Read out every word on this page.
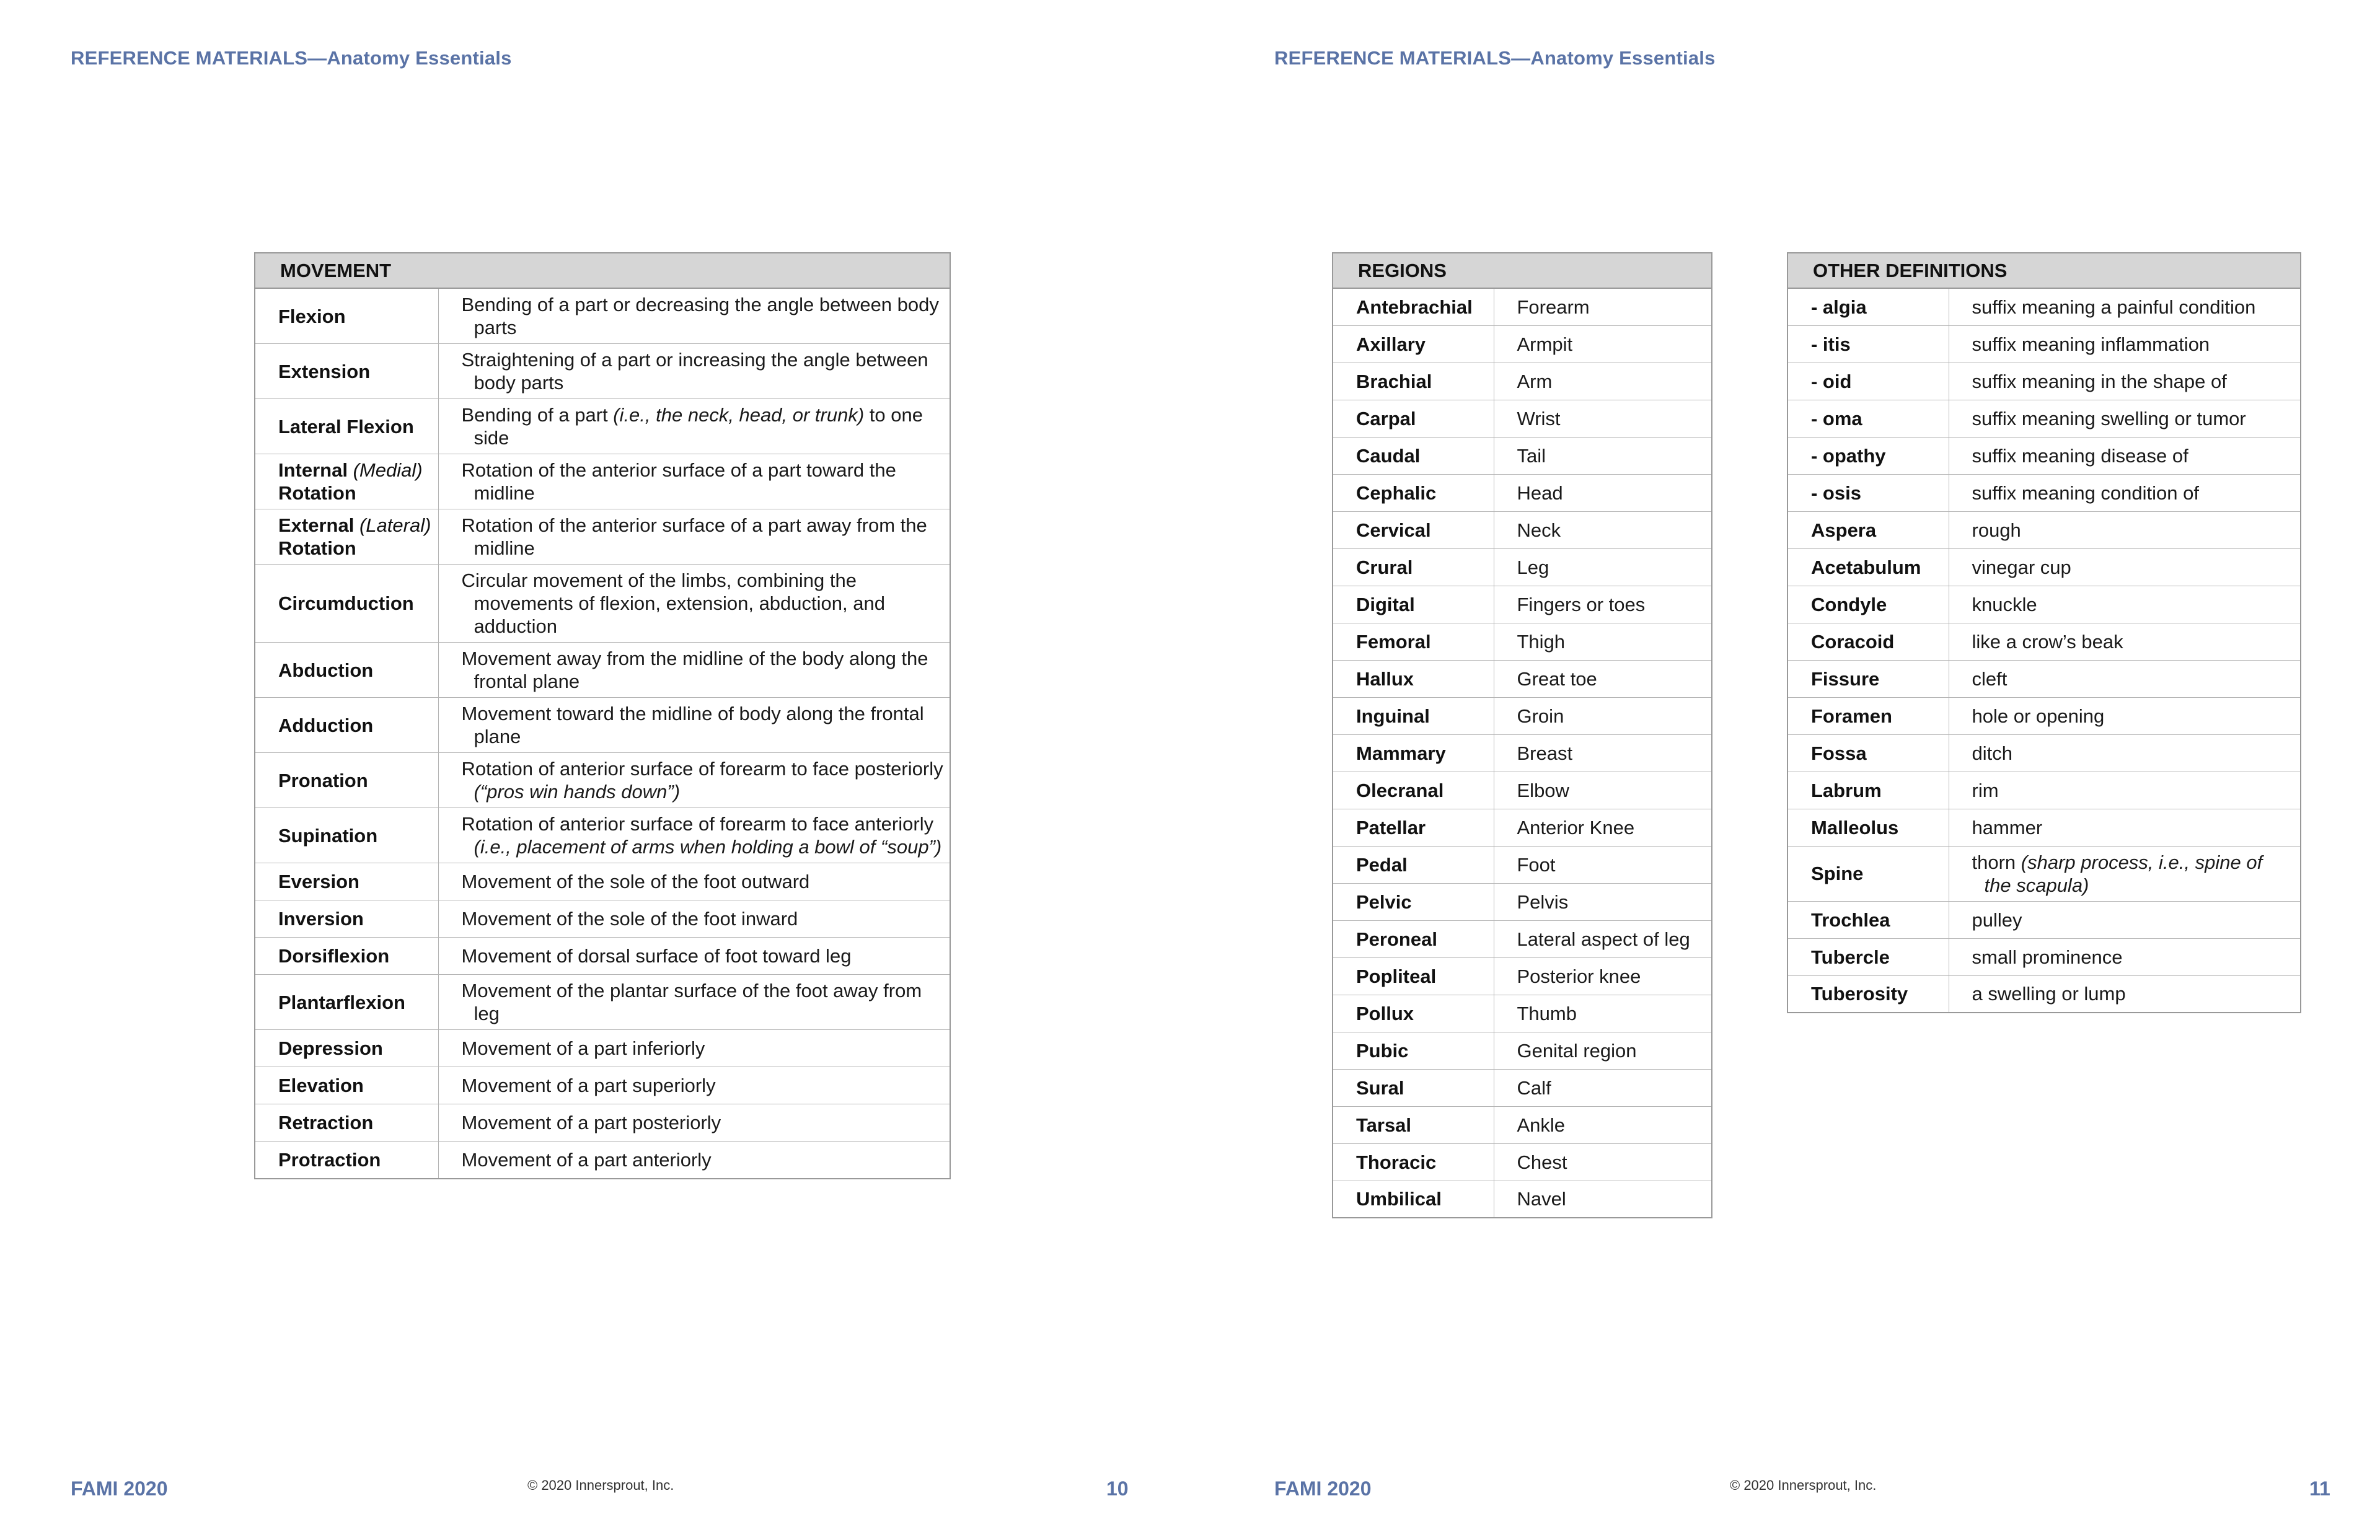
REFERENCE MATERIALS—Anatomy Essentials
MOVEMENT	
Flexion	Bending of a part or decreasing the angle between body parts

Extension	Straightening of a part or increasing the angle between body parts

Lateral Flexion	Bending of a part (i.e., the neck, head, or trunk) to one side

Internal (Medial)
Rotation	Rotation of the anterior surface of a part toward the midline

External (Lateral)
Rotation	Rotation of the anterior surface of a part away from the midline

Circumduction	Circular movement of the limbs, combining the movements of flexion, extension, abduction, and adduction

Abduction	Movement away from the midline of the body along the frontal plane

Adduction	Movement toward the midline of body along the frontal plane

Pronation	Rotation of anterior surface of forearm to face posteriorly (“pros win hands down”)

Supination	Rotation of anterior surface of forearm to face anteriorly (i.e., placement of arms when holding a bowl of “soup”)

Eversion	Movement of the sole of the foot outward

Inversion	Movement of the sole of the foot inward

Dorsiflexion	Movement of dorsal surface of foot toward leg

Plantarflexion	Movement of the plantar surface of the foot away from leg

Depression	Movement of a part inferiorly

Elevation	Movement of a part superiorly

Retraction	Movement of a part posteriorly

Protraction	Movement of a part anteriorly
FAMI 2020	© 2020 Innersprout, Inc.	10
REFERENCE MATERIALS—Anatomy Essentials
REGIONS	
Antebrachial	Forearm

Axillary	Armpit

Brachial	Arm

Carpal	Wrist

Caudal	Tail

Cephalic	Head

Cervical	Neck

Crural	Leg

Digital	Fingers or toes

Femoral	Thigh

Hallux	Great toe

Inguinal	Groin

Mammary	Breast

Olecranal	Elbow

Patellar	Anterior Knee

Pedal	Foot

Pelvic	Pelvis

Peroneal	Lateral aspect of leg

Popliteal	Posterior knee

Pollux	Thumb

Pubic	Genital region

Sural	Calf

Tarsal	Ankle

Thoracic	Chest

Umbilical	Navel
OTHER DEFINITIONS	
- algia	suffix meaning a painful condition

- itis	suffix meaning inflammation

- oid	suffix meaning in the shape of

- oma	suffix meaning swelling or tumor

- opathy	suffix meaning disease of

- osis	suffix meaning condition of

Aspera	rough

Acetabulum	vinegar cup

Condyle	knuckle

Coracoid	like a crow’s beak

Fissure	cleft

Foramen	hole or opening

Fossa	ditch

Labrum	rim

Malleolus	hammer

Spine	thorn (sharp process, i.e., spine of the scapula)

Trochlea	pulley

Tubercle	small prominence

Tuberosity	a swelling or lump
FAMI 2020	© 2020 Innersprout, Inc.	11
